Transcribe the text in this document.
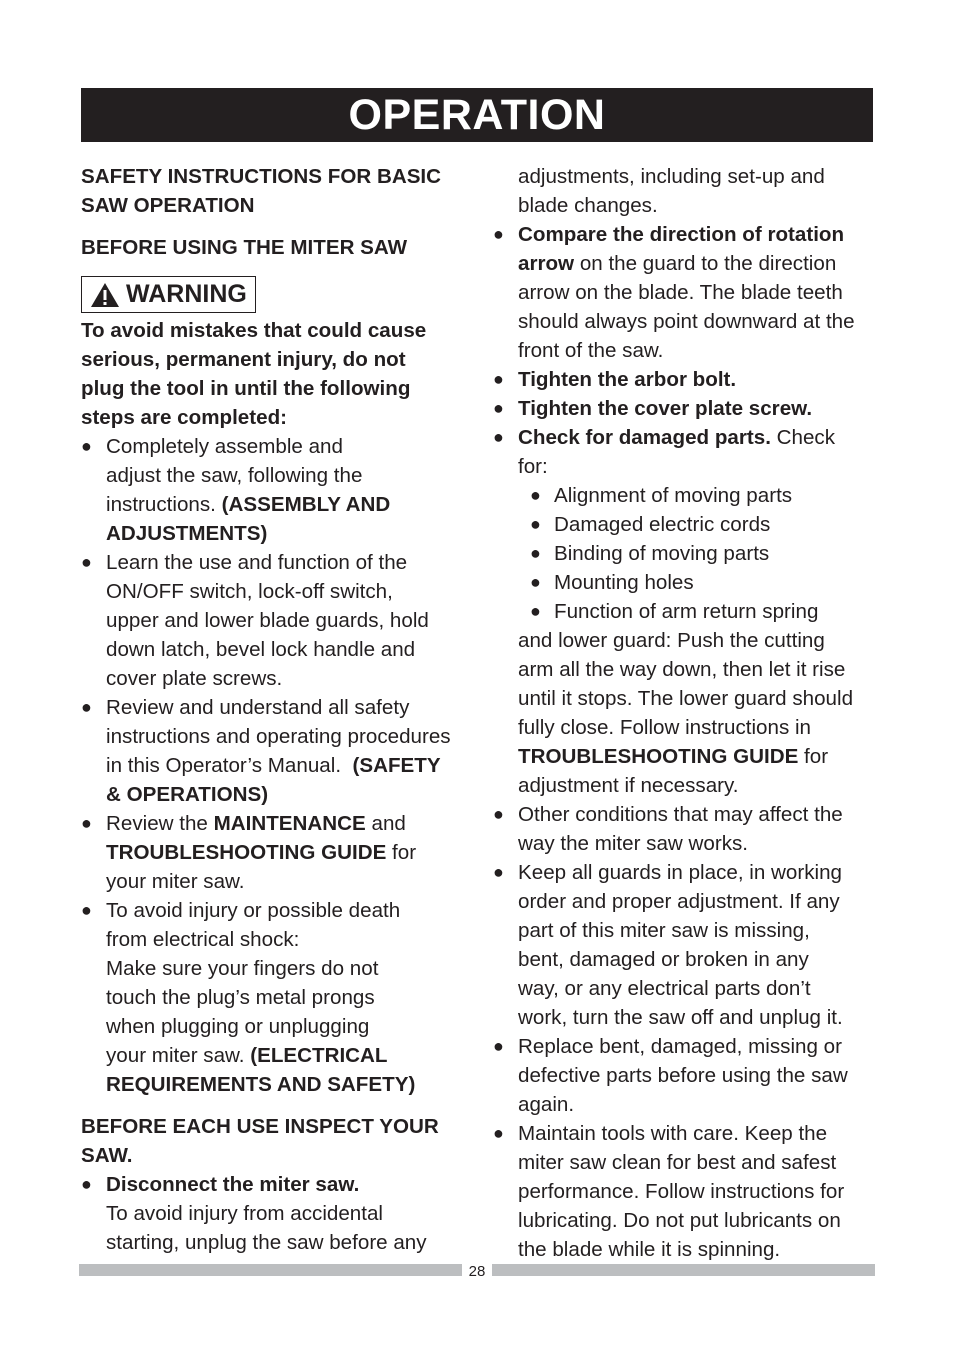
OPERATION

SAFETY INSTRUCTIONS FOR BASIC
SAW OPERATION

BEFORE USING THE MITER SAW

WARNING

To avoid mistakes that could cause
serious, permanent injury, do not
plug the tool in until the following
steps are completed:

● Completely assemble and
adjust the saw, following the
instructions. (ASSEMBLY AND
ADJUSTMENTS)
● Learn the use and function of the
ON/OFF switch, lock-off switch,
upper and lower blade guards, hold
down latch, bevel lock handle and
cover plate screws.
● Review and understand all safety
instructions and operating procedures
in this Operator’s Manual. (SAFETY
& OPERATIONS)
● Review the MAINTENANCE and
TROUBLESHOOTING GUIDE for
your miter saw.
● To avoid injury or possible death
from electrical shock:
Make sure your fingers do not
touch the plug’s metal prongs
when plugging or unplugging
your miter saw. (ELECTRICAL
REQUIREMENTS AND SAFETY)

BEFORE EACH USE INSPECT YOUR
SAW.

● Disconnect the miter saw.
To avoid injury from accidental
starting, unplug the saw before any
adjustments, including set-up and
blade changes.
● Compare the direction of rotation
arrow on the guard to the direction
arrow on the blade. The blade teeth
should always point downward at the
front of the saw.
● Tighten the arbor bolt.
● Tighten the cover plate screw.
● Check for damaged parts. Check
for:
● Alignment of moving parts
● Damaged electric cords
● Binding of moving parts
● Mounting holes
● Function of arm return spring
and lower guard: Push the cutting
arm all the way down, then let it rise
until it stops. The lower guard should
fully close. Follow instructions in
TROUBLESHOOTING GUIDE for
adjustment if necessary.
● Other conditions that may affect the
way the miter saw works.
● Keep all guards in place, in working
order and proper adjustment. If any
part of this miter saw is missing,
bent, damaged or broken in any
way, or any electrical parts don’t
work, turn the saw off and unplug it.
● Replace bent, damaged, missing or
defective parts before using the saw
again.
● Maintain tools with care. Keep the
miter saw clean for best and safest
performance. Follow instructions for
lubricating. Do not put lubricants on
the blade while it is spinning.
28
